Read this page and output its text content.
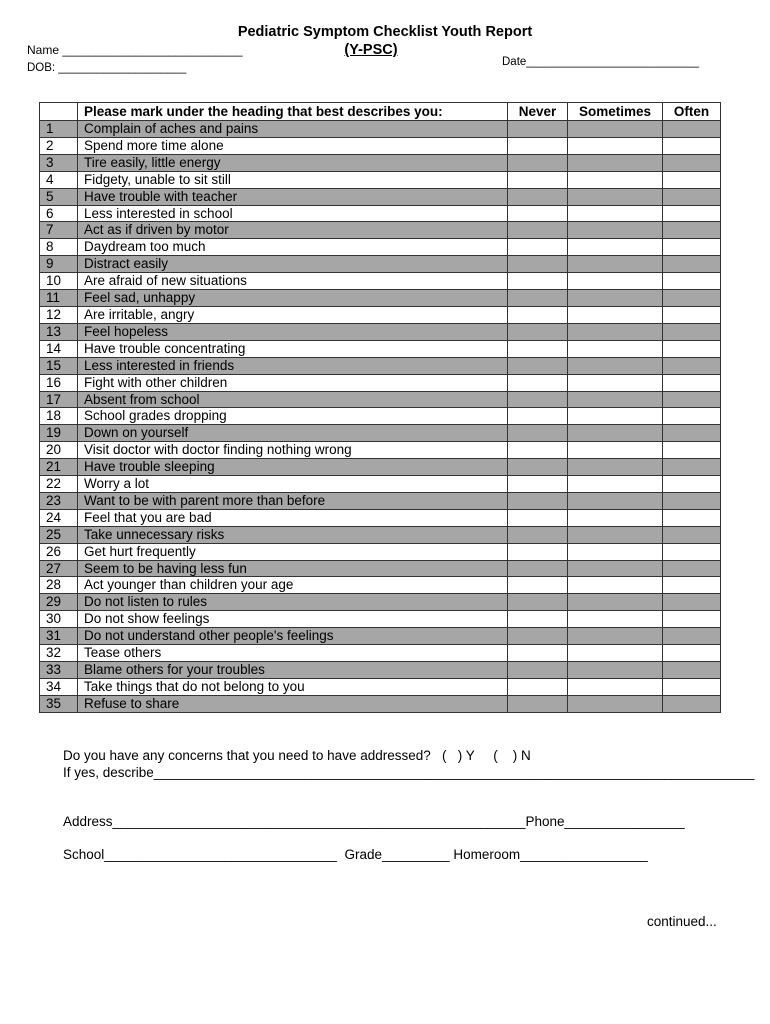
Pediatric Symptom Checklist Youth Report
(Y-PSC)
Name ___________________________
DOB: ____________________	Date___________________________
	Please mark under the heading that best describes you:	Never	Sometimes	Often
1	Complain of aches and pains			
2	Spend more time alone			
3	Tire easily, little energy			
4	Fidgety, unable to sit still			
5	Have trouble with teacher			
6	Less interested in school			
7	Act as if driven by motor			
8	Daydream too much			
9	Distract easily			
10	Are afraid of new situations			
11	Feel sad, unhappy			
12	Are irritable, angry			
13	Feel hopeless			
14	Have trouble concentrating			
15	Less interested in friends			
16	Fight with other children			
17	Absent from school			
18	School grades dropping			
19	Down on yourself			
20	Visit doctor with doctor finding nothing wrong			
21	Have trouble sleeping			
22	Worry a lot			
23	Want to be with parent more than before			
24	Feel that you are bad			
25	Take unnecessary risks			
26	Get hurt frequently			
27	Seem to be having less fun			
28	Act younger than children your age			
29	Do not listen to rules			
30	Do not show feelings			
31	Do not understand other people's feelings			
32	Tease others			
33	Blame others for your troubles			
34	Take things that do not belong to you			
35	Refuse to share			
Do you have any concerns that you need to have addressed?   (   ) Y     (    ) N
If yes, describe________________________________________________________________________________
Address_______________________________________________________Phone________________
School_______________________________  Grade_________ Homeroom_________________
continued...
